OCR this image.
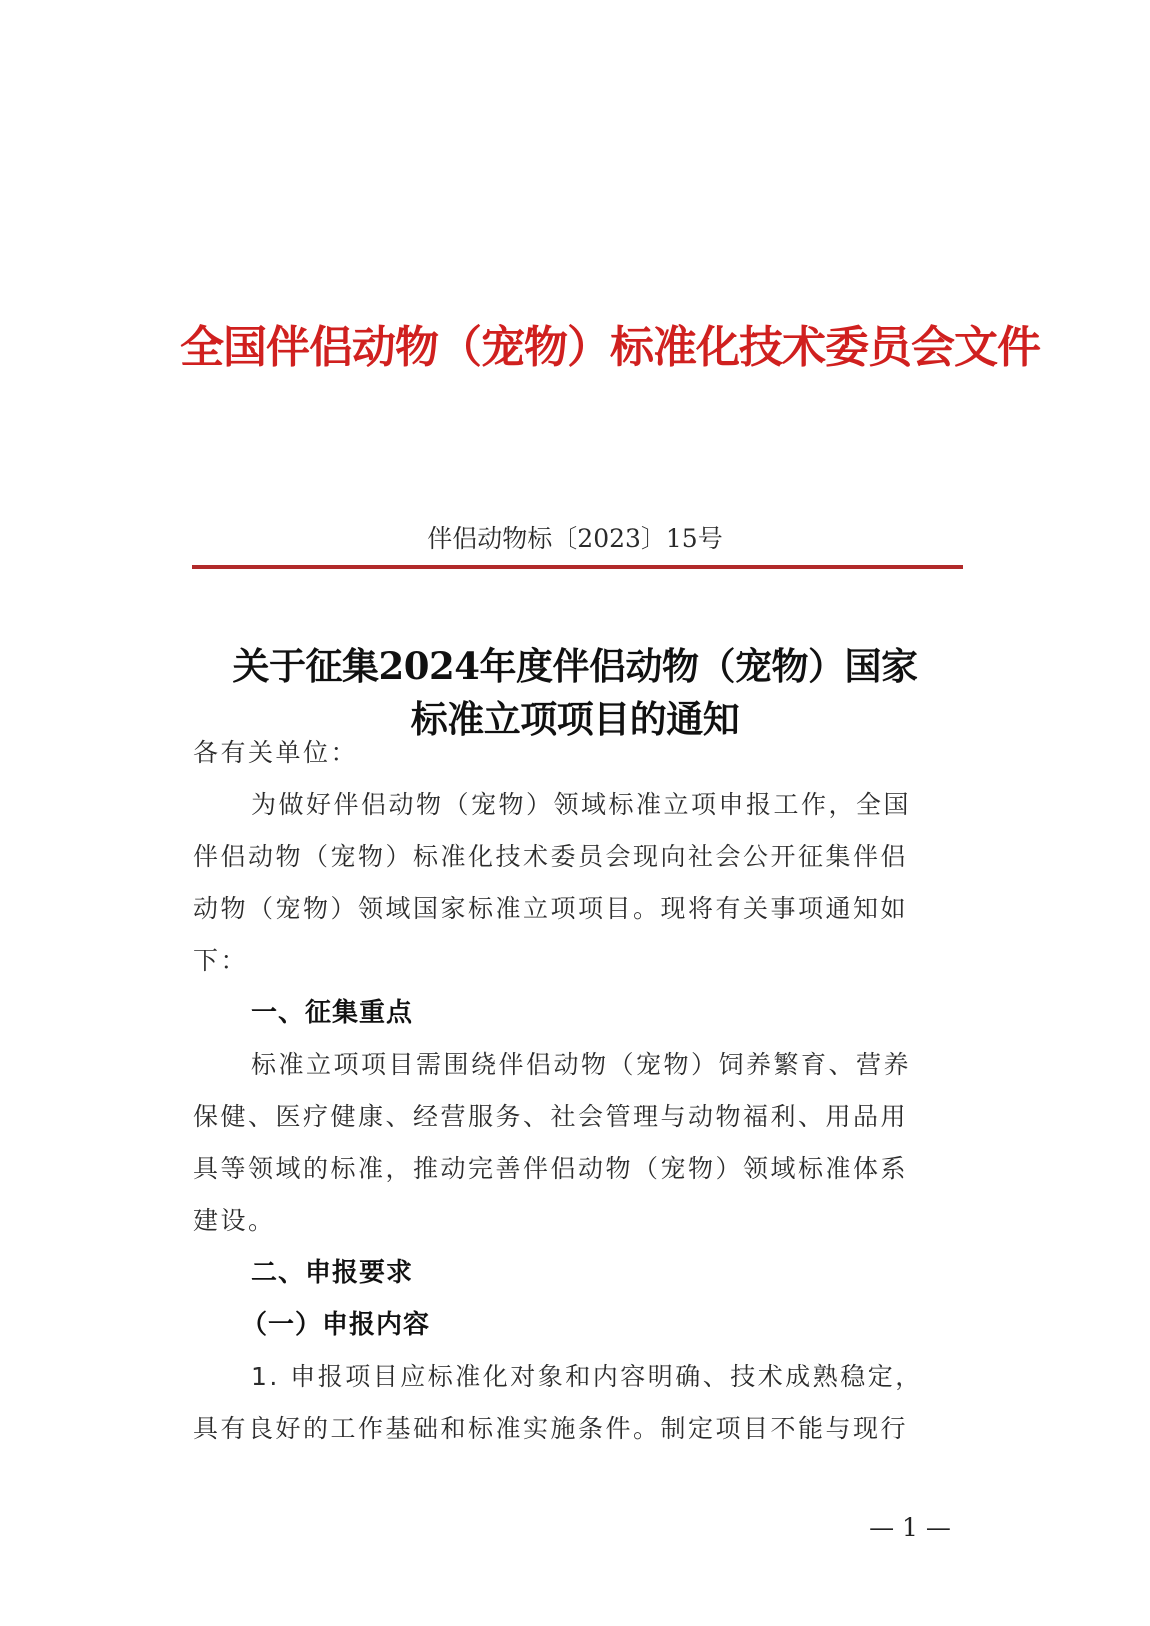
全国伴侣动物（宠物）标准化技术委员会文件
伴侣动物标〔2023〕15号
关于征集2024年度伴侣动物（宠物）国家
标准立项项目的通知
各有关单位：
为做好伴侣动物（宠物）领域标准立项申报工作，全国
伴侣动物（宠物）标准化技术委员会现向社会公开征集伴侣
动物（宠物）领域国家标准立项项目。现将有关事项通知如
下：
一、征集重点
标准立项项目需围绕伴侣动物（宠物）饲养繁育、营养
保健、医疗健康、经营服务、社会管理与动物福利、用品用
具等领域的标准，推动完善伴侣动物（宠物）领域标准体系
建设。
二、申报要求
（一）申报内容
1. 申报项目应标准化对象和内容明确、技术成熟稳定，
具有良好的工作基础和标准实施条件。制定项目不能与现行
— 1 —
